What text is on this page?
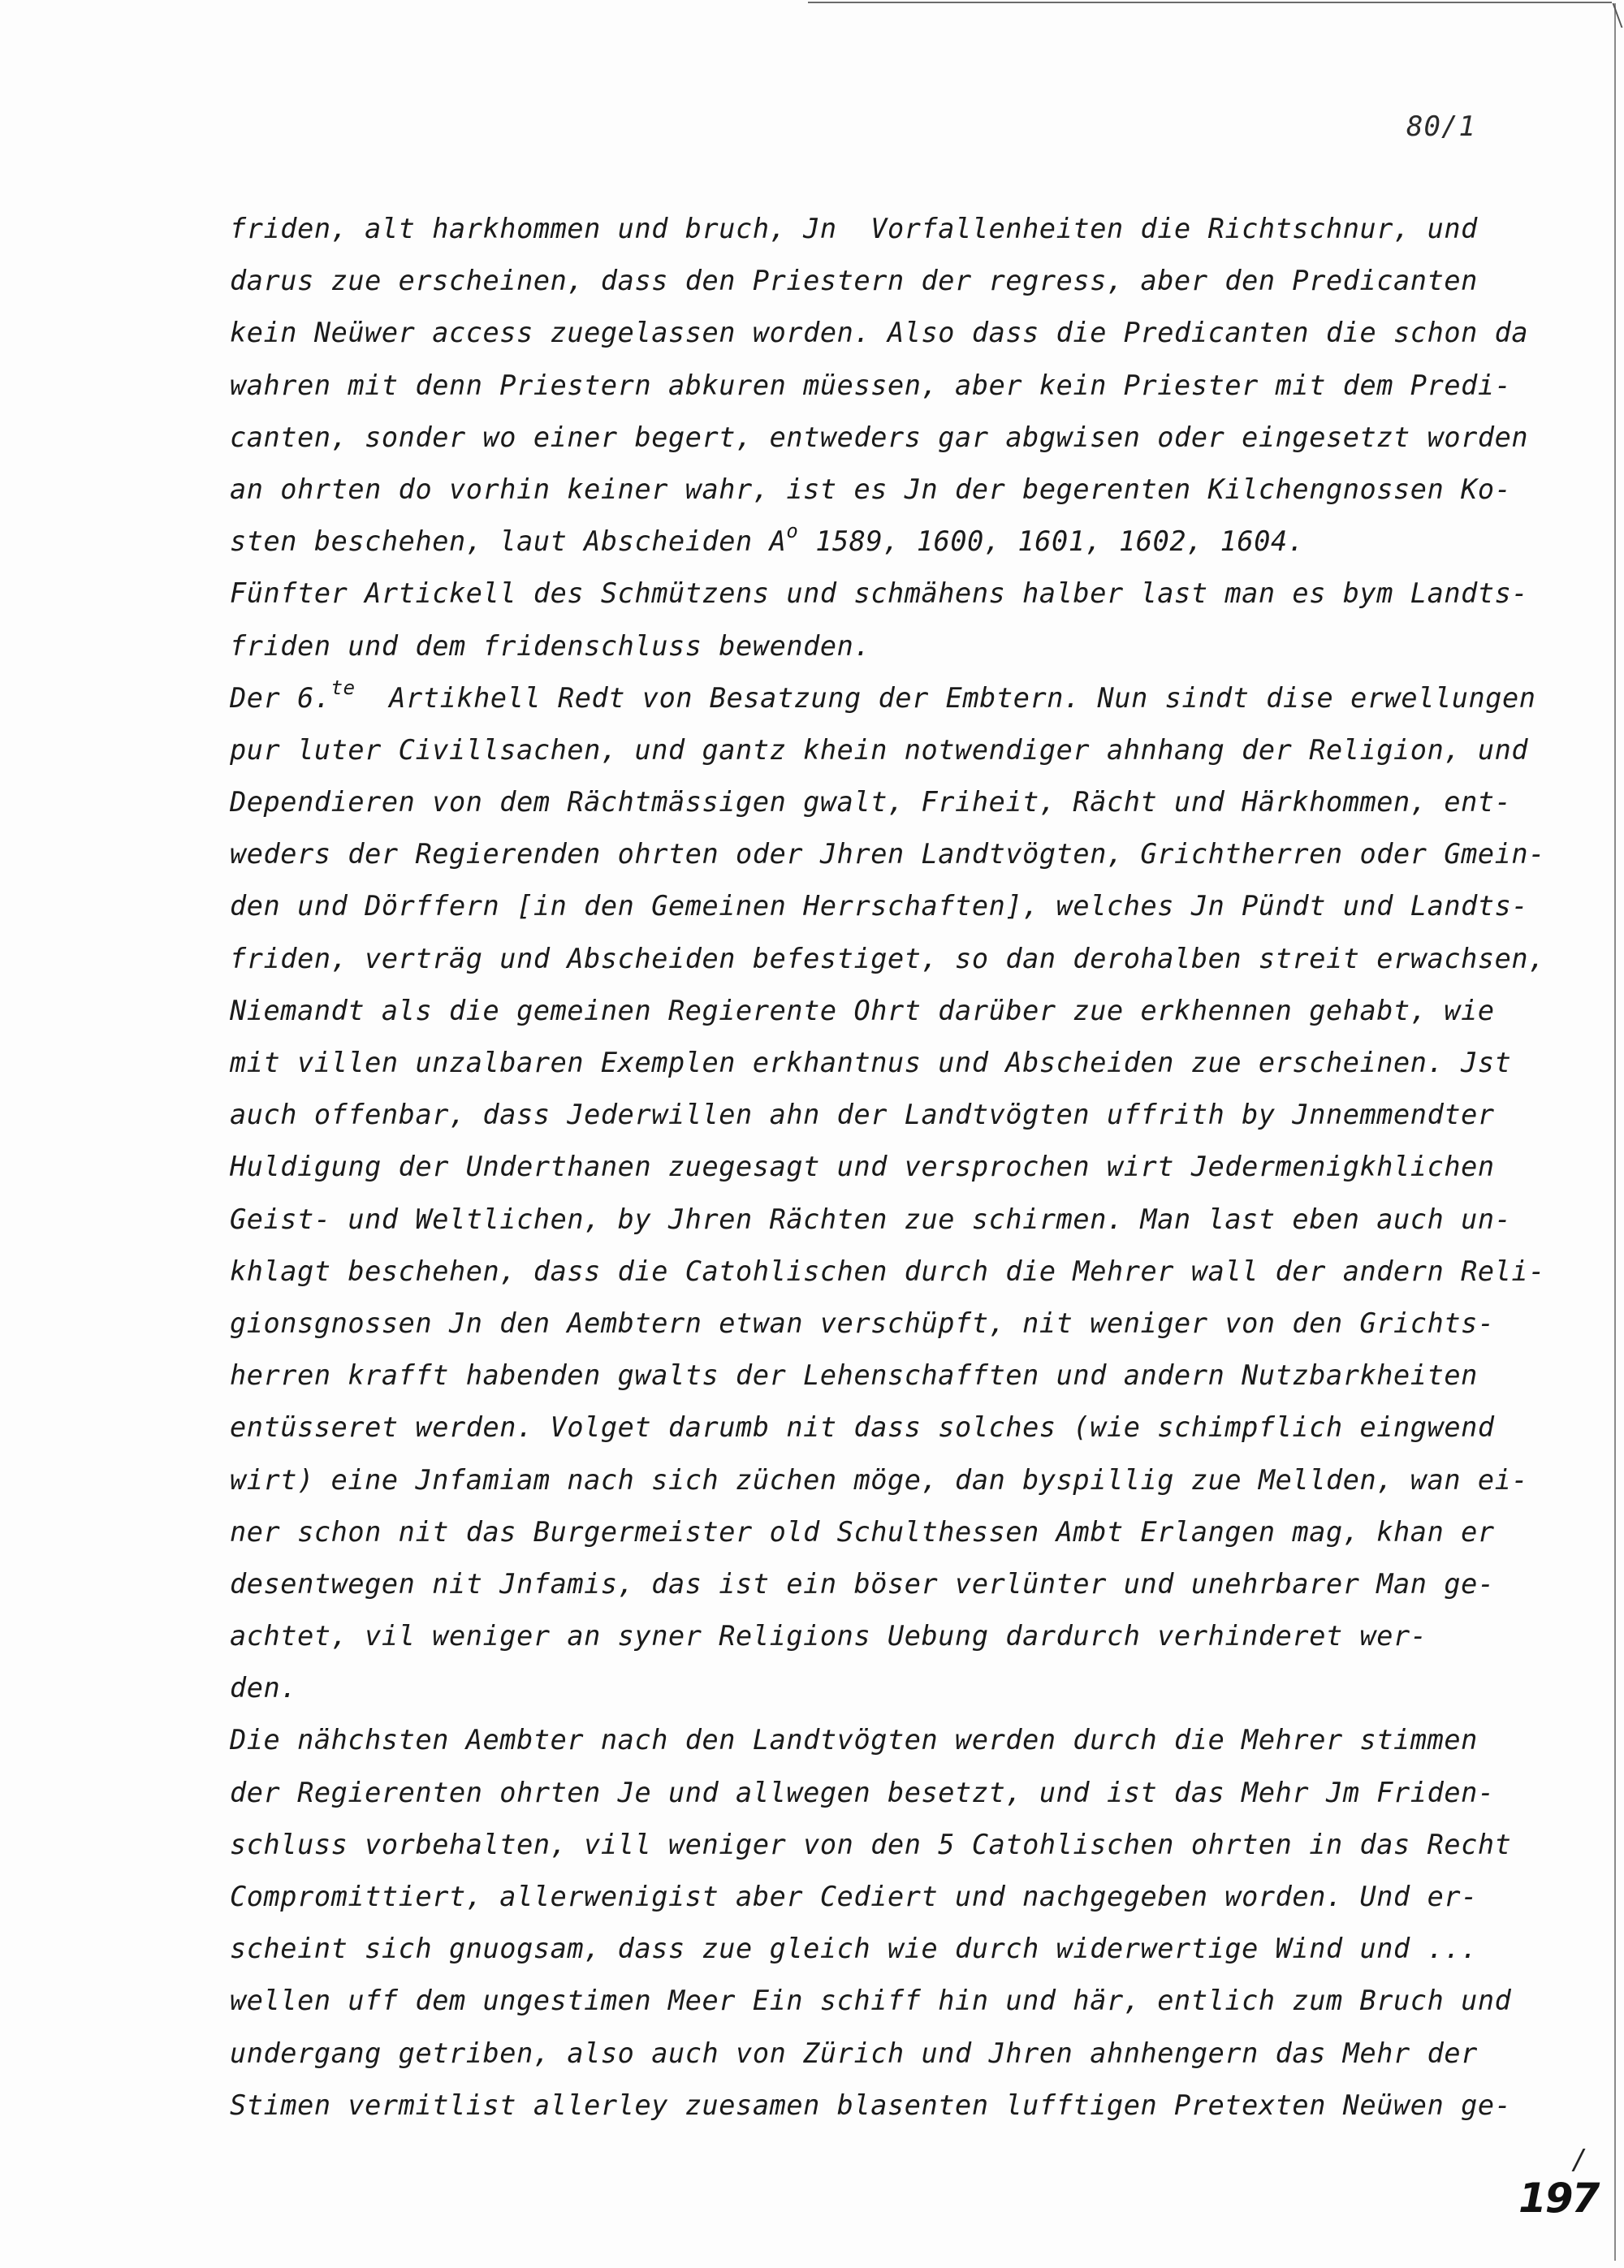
80/1
friden, alt harkhommen und bruch, Jn  Vorfallenheiten die Richtschnur, und
darus zue erscheinen, dass den Priestern der regress, aber den Predicanten
kein Neüwer access zuegelassen worden. Also dass die Predicanten die schon da
wahren mit denn Priestern abkuren müessen, aber kein Priester mit dem Predi-
canten, sonder wo einer begert, entweders gar abgwisen oder eingesetzt worden
an ohrten do vorhin keiner wahr, ist es Jn der begerenten Kilchengnossen Ko-
sten beschehen, laut Abscheiden $A^o$ 1589, 1600, 1601, 1602, 1604.
Fünfter Artickell des Schmützens und schmähens halber last man es bym Landts-
friden und dem fridenschluss bewenden.
Der 6.$^{te}$  Artikhell Redt von Besatzung der Embtern. Nun sindt dise erwellungen
pur luter Civillsachen, und gantz khein notwendiger ahnhang der Religion, und
Dependieren von dem Rächtmässigen gwalt, Friheit, Rächt und Härkhommen, ent-
weders der Regierenden ohrten oder Jhren Landtvögten, Grichtherren oder Gmein-
den und Dörffern [in den Gemeinen Herrschaften], welches Jn Pündt und Landts-
friden, verträg und Abscheiden befestiget, so dan derohalben streit erwachsen,
Niemandt als die gemeinen Regierente Ohrt darüber zue erkhennen gehabt, wie
mit villen unzalbaren Exemplen erkhantnus und Abscheiden zue erscheinen. Jst
auch offenbar, dass Jederwillen ahn der Landtvögten uffrith by Jnnemmendter
Huldigung der Underthanen zuegesagt und versprochen wirt Jedermenigkhlichen
Geist- und Weltlichen, by Jhren Rächten zue schirmen. Man last eben auch un-
khlagt beschehen, dass die Catohlischen durch die Mehrer wall der andern Reli-
gionsgnossen Jn den Aembtern etwan verschüpft, nit weniger von den Grichts-
herren krafft habenden gwalts der Lehenschafften und andern Nutzbarkheiten
entüsseret werden. Volget darumb nit dass solches (wie schimpflich eingwend
wirt) eine Jnfamiam nach sich züchen möge, dan byspillig zue Mellden, wan ei-
ner schon nit das Burgermeister old Schulthessen Ambt Erlangen mag, khan er
desentwegen nit Jnfamis, das ist ein böser verlünter und unehrbarer Man ge-
achtet, vil weniger an syner Religions Uebung dardurch verhinderet wer-
den.
Die nähchsten Aembter nach den Landtvögten werden durch die Mehrer stimmen
der Regierenten ohrten Je und allwegen besetzt, und ist das Mehr Jm Friden-
schluss vorbehalten, vill weniger von den 5 Catohlischen ohrten in das Recht
Compromittiert, allerwenigist aber Cediert und nachgegeben worden. Und er-
scheint sich gnuogsam, dass zue gleich wie durch widerwertige Wind und ...
wellen uff dem ungestimen Meer Ein schiff hin und här, entlich zum Bruch und
undergang getriben, also auch von Zürich und Jhren ahnhengern das Mehr der
Stimen vermitlist allerley zuesamen blasenten lufftigen Pretexten Neüwen ge-
/
197
